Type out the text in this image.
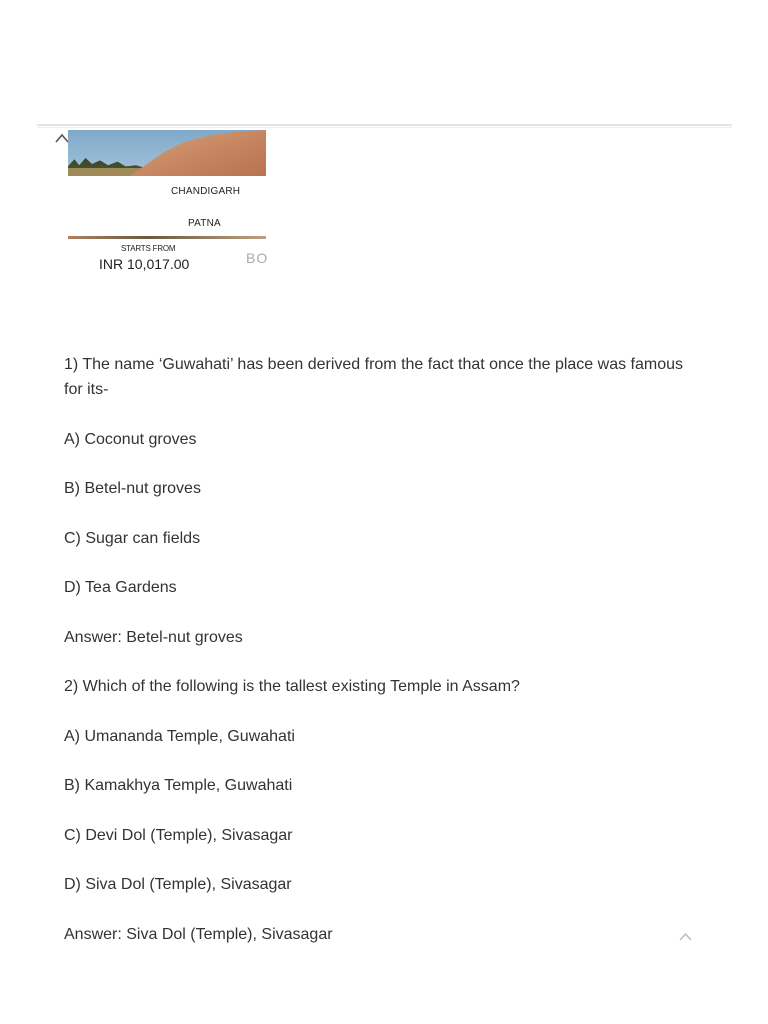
CHANDIGARH
PATNA
STARTS FROM
INR 10,017.00	BO

1) The name ‘Guwahati’ has been derived from the fact that once the place was famous for its-

A) Coconut groves

B) Betel-nut groves

C) Sugar can fields

D) Tea Gardens

Answer: Betel-nut groves

2) Which of the following is the tallest existing Temple in Assam?

A) Umananda Temple, Guwahati

B) Kamakhya Temple, Guwahati

C) Devi Dol (Temple), Sivasagar

D) Siva Dol (Temple), Sivasagar

Answer: Siva Dol (Temple), Sivasagar
